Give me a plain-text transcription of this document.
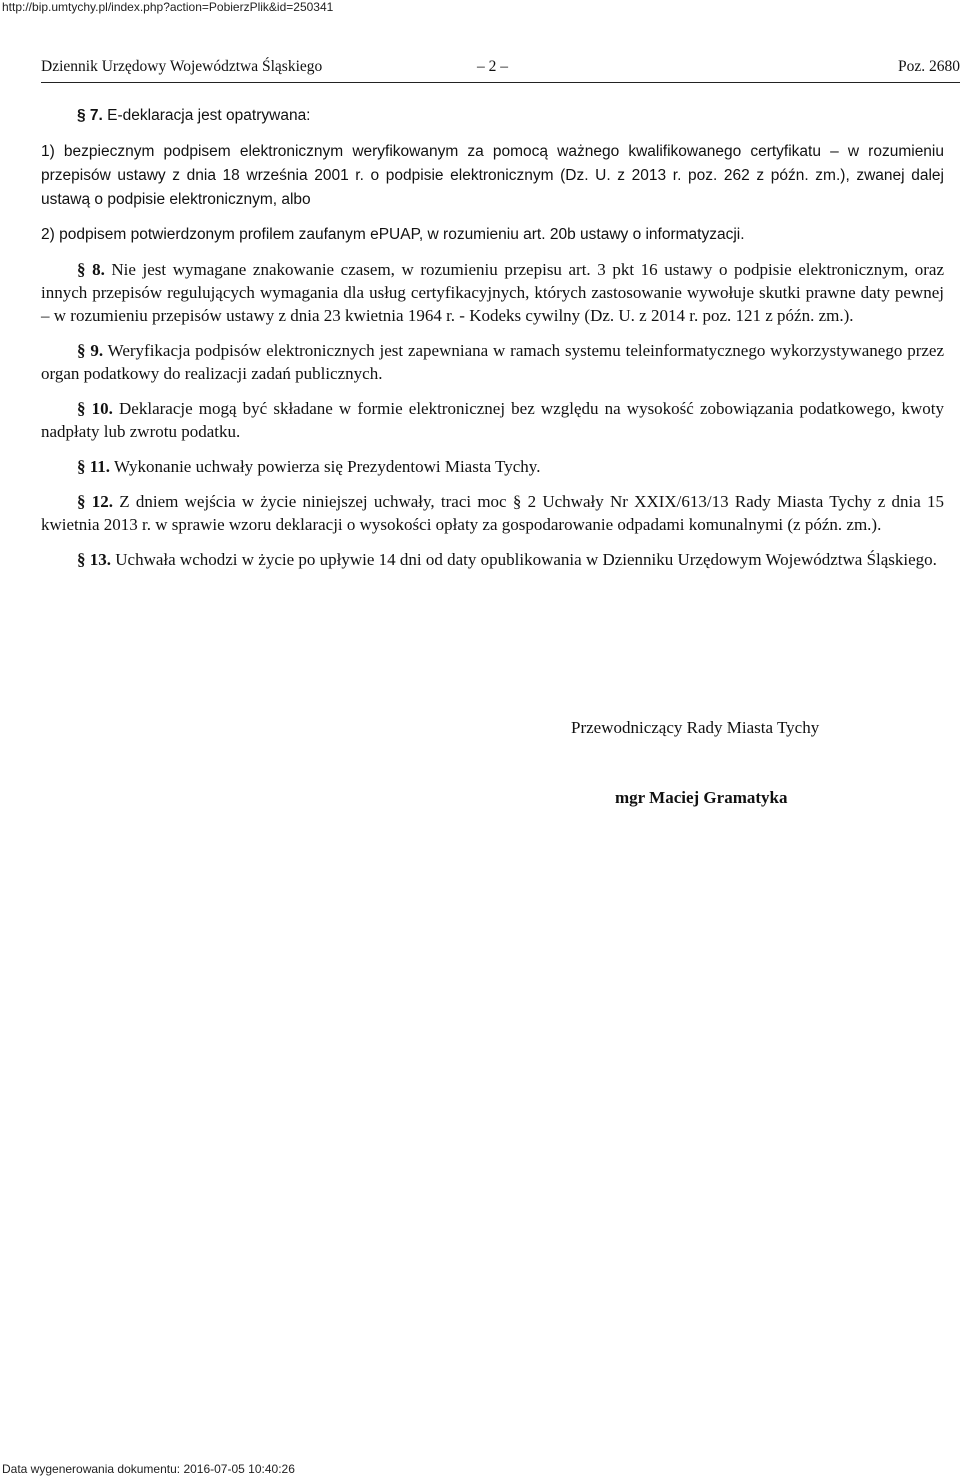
http://bip.umtychy.pl/index.php?action=PobierzPlik&id=250341
Dziennik Urzędowy Województwa Śląskiego	– 2 –	Poz. 2680

§ 7. E-deklaracja jest opatrywana:

1) bezpiecznym podpisem elektronicznym weryfikowanym za pomocą ważnego kwalifikowanego certyfikatu – w rozumieniu przepisów ustawy z dnia 18 września 2001 r. o podpisie elektronicznym (Dz. U. z 2013 r. poz. 262 z późn. zm.), zwanej dalej ustawą o podpisie elektronicznym, albo

2) podpisem potwierdzonym profilem zaufanym ePUAP, w rozumieniu art. 20b ustawy o informatyzacji.

§ 8. Nie jest wymagane znakowanie czasem, w rozumieniu przepisu art. 3 pkt 16 ustawy o podpisie elektronicznym, oraz innych przepisów regulujących wymagania dla usług certyfikacyjnych, których zastosowanie wywołuje skutki prawne daty pewnej – w rozumieniu przepisów ustawy z dnia 23 kwietnia 1964 r. - Kodeks cywilny (Dz. U. z 2014 r. poz. 121 z późn. zm.).

§ 9. Weryfikacja podpisów elektronicznych jest zapewniana w ramach systemu teleinformatycznego wykorzystywanego przez organ podatkowy do realizacji zadań publicznych.

§ 10. Deklaracje mogą być składane w formie elektronicznej bez względu na wysokość zobowiązania podatkowego, kwoty nadpłaty lub zwrotu podatku.

§ 11. Wykonanie uchwały powierza się Prezydentowi Miasta Tychy.

§ 12. Z dniem wejścia w życie niniejszej uchwały, traci moc § 2 Uchwały Nr XXIX/613/13 Rady Miasta Tychy z dnia 15 kwietnia 2013 r. w sprawie wzoru deklaracji o wysokości opłaty za gospodarowanie odpadami komunalnymi (z późn. zm.).

§ 13. Uchwała wchodzi w życie po upływie 14 dni od daty opublikowania w Dzienniku Urzędowym Województwa Śląskiego.

Przewodniczący Rady Miasta Tychy
mgr Maciej Gramatyka
Data wygenerowania dokumentu: 2016-07-05 10:40:26
